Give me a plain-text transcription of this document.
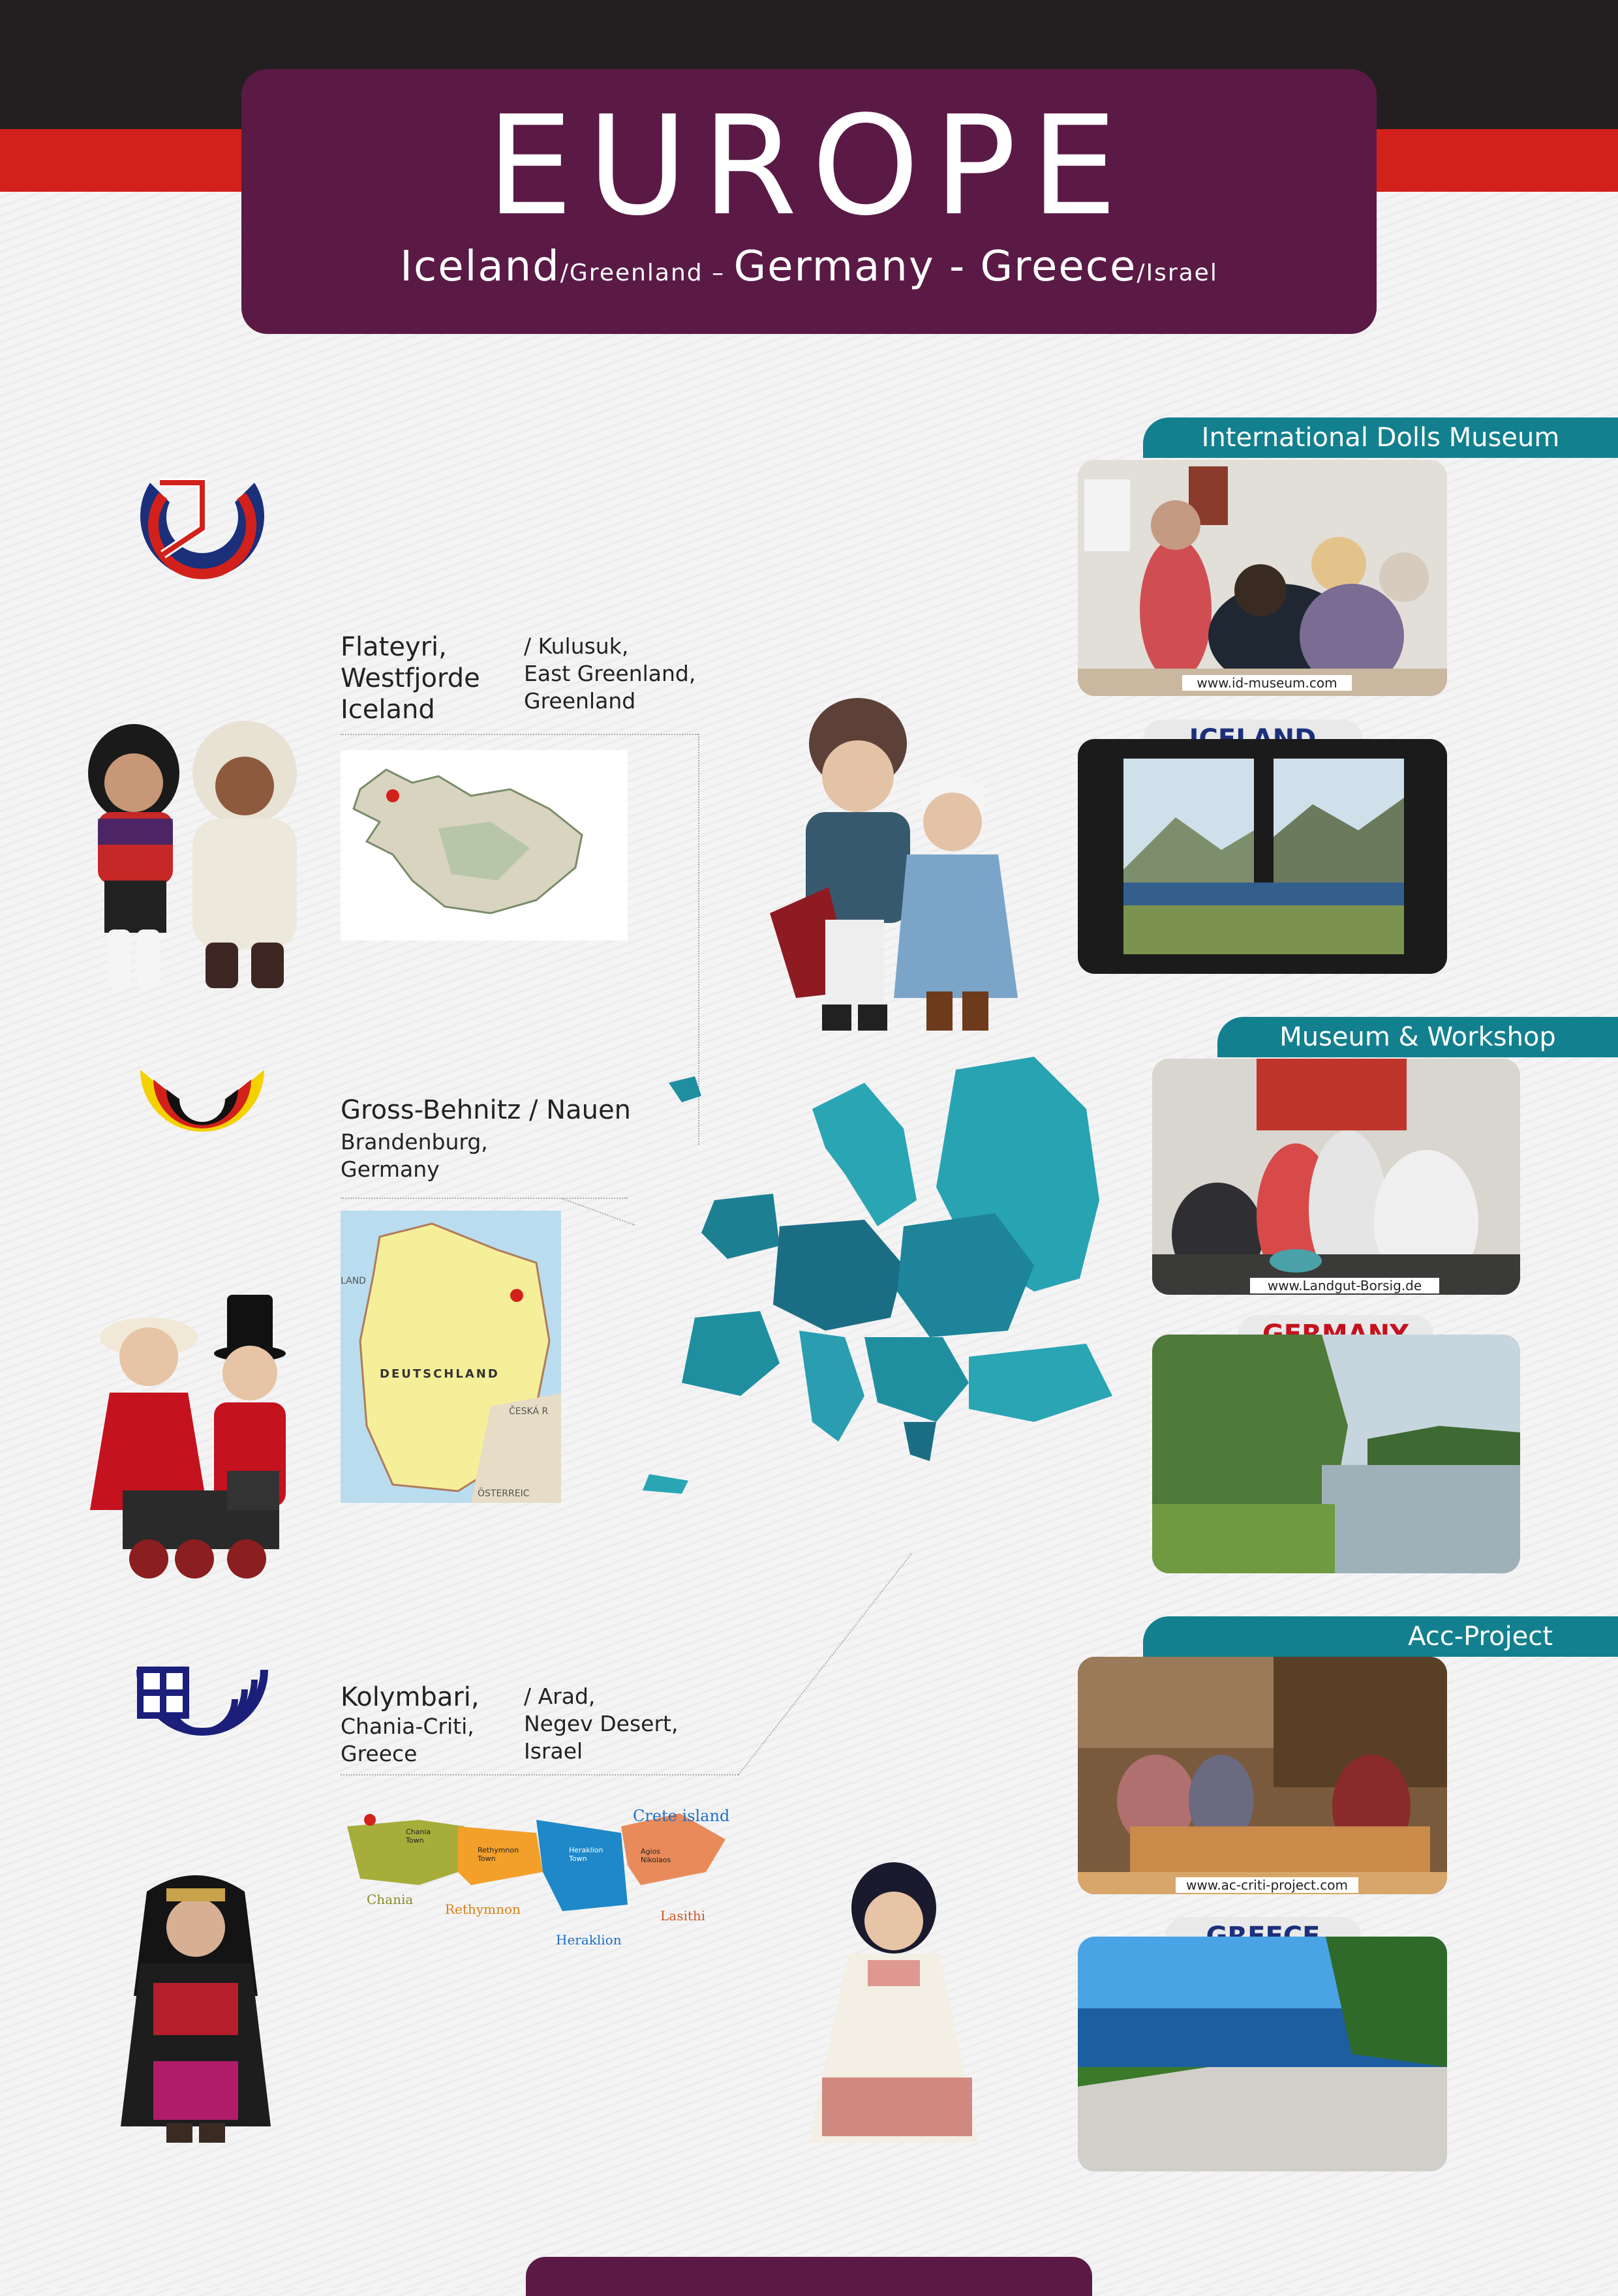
EUROPE
Iceland/Greenland – Germany - Greece/Israel
Flateyri,
Westfjorde
Iceland
/ Kulusuk,
East Greenland,
Greenland
International Dolls Museum
www.id-museum.com
Gross-Behnitz / Nauen
Brandenburg,
Germany
DEUTSCHLAND
ČESKÁ R
ÖSTERREIC
LAND
Museum & Workshop
www.Landgut-Borsig.de
Kolymbari,
Chania-Criti,
Greece
/ Arad,
Negev Desert,
Israel
Crete island
Chania
Rethymnon
Heraklion
Lasithi
Chania Town
Rethymnon Town
Heraklion Town
Agios Nikolaos
Acc-Project
www.ac-criti-project.com
